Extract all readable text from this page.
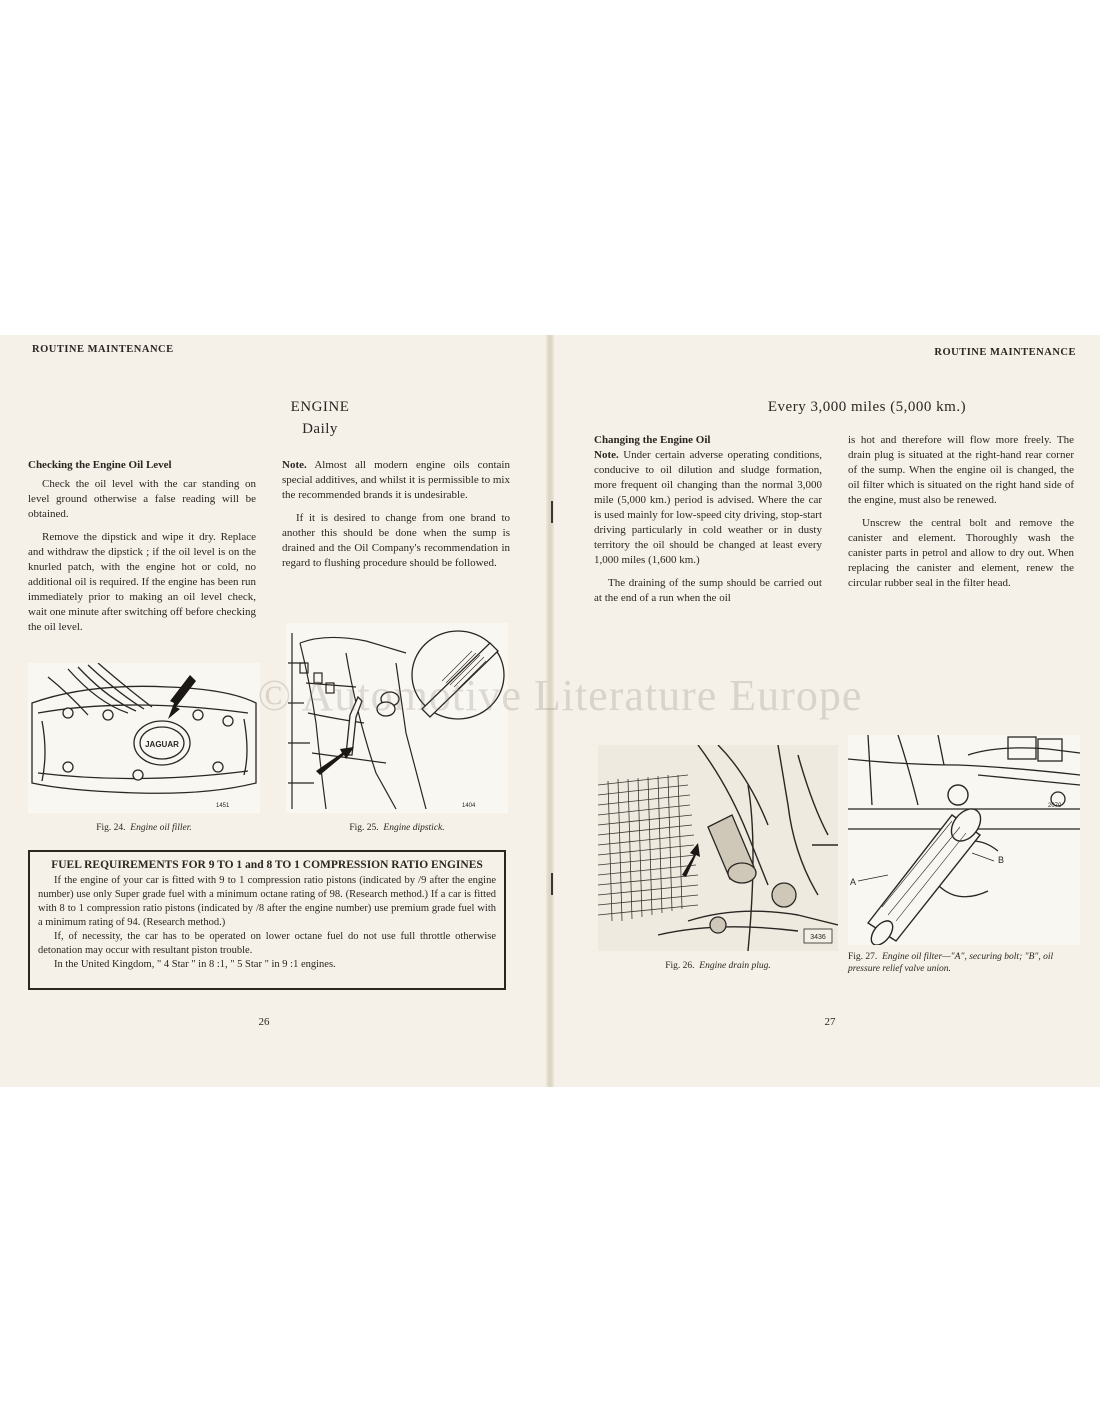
ROUTINE MAINTENANCE
ENGINE
Daily

Checking the Engine Oil Level

Check the oil level with the car standing on level ground otherwise a false reading will be obtained.

Remove the dipstick and wipe it dry. Replace and withdraw the dipstick ; if the oil level is on the knurled patch, with the engine hot or cold, no additional oil is required. If the engine has been run immediately prior to making an oil level check, wait one minute after switching off before checking the oil level.

Note. Almost all modern engine oils contain special additives, and whilst it is permissible to mix the recommended brands it is undesirable.

If it is desired to change from one brand to another this should be done when the sump is drained and the Oil Company's recommendation in regard to flushing procedure should be followed.

JAGUAR
1451
Fig. 24. Engine oil filler.
1404
Fig. 25. Engine dipstick.
FUEL REQUIREMENTS FOR 9 TO 1 and 8 TO 1 COMPRESSION RATIO ENGINES

If the engine of your car is fitted with 9 to 1 compression ratio pistons (indicated by /9 after the engine number) use only Super grade fuel with a minimum octane rating of 98. (Research method.) If a car is fitted with 8 to 1 compression ratio pistons (indicated by /8 after the engine number) use premium grade fuel with a minimum rating of 94. (Research method.)

If, of necessity, the car has to be operated on lower octane fuel do not use full throttle otherwise detonation may occur with resultant piston trouble.

In the United Kingdom, " 4 Star " in 8 :1, " 5 Star " in 9 :1 engines.

26
ROUTINE MAINTENANCE
Every 3,000 miles (5,000 km.)

Changing the Engine Oil

Note. Under certain adverse operating conditions, conducive to oil dilution and sludge formation, more frequent oil changing than the normal 3,000 mile (5,000 km.) period is advised. Where the car is used mainly for low-speed city driving, stop-start driving particularly in cold weather or in dusty territory the oil should be changed at least every 1,000 miles (1,600 km.)

The draining of the sump should be carried out at the end of a run when the oil

is hot and therefore will flow more freely. The drain plug is situated at the right-hand rear corner of the sump. When the engine oil is changed, the oil filter which is situated on the right hand side of the engine, must also be renewed.

Unscrew the central bolt and remove the canister and element. Thoroughly wash the canister parts in petrol and allow to dry out. When replacing the canister and element, renew the circular rubber seal in the filter head.

3436
Fig. 26. Engine drain plug.
A
B
2070
Fig. 27. Engine oil filter—"A", securing bolt; "B", oil pressure relief valve union.
27
© Automotive Literature Europe
